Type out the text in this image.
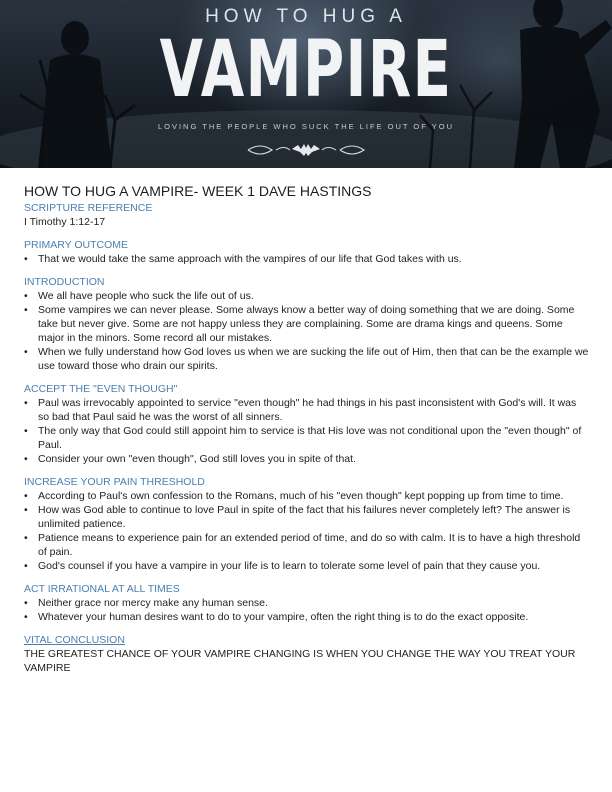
HOW TO HUG A
VAMPIRE
LOVING THE PEOPLE WHO SUCK THE LIFE OUT OF YOU
HOW TO HUG A VAMPIRE- WEEK 1 DAVE HASTINGS
SCRIPTURE REFERENCE
I Timothy 1:12-17
PRIMARY OUTCOME
• That we would take the same approach with the vampires of our life that God takes with us.
INTRODUCTION
• We all have people who suck the life out of us.
• Some vampires we can never please. Some always know a better way of doing something that we are doing. Some take but never give. Some are not happy unless they are complaining. Some are drama kings and queens. Some major in the minors. Some record all our mistakes.
• When we fully understand how God loves us when we are sucking the life out of Him, then that can be the example we use toward those who drain our spirits.
ACCEPT THE "EVEN THOUGH"
• Paul was irrevocably appointed to service "even though" he had things in his past inconsistent with God's will. It was so bad that Paul said he was the worst of all sinners.
• The only way that God could still appoint him to service is that His love was not conditional upon the "even though" of Paul.
• Consider your own "even though", God still loves you in spite of that.
INCREASE YOUR PAIN THRESHOLD
• According to Paul's own confession to the Romans, much of his "even though" kept popping up from time to time.
• How was God able to continue to love Paul in spite of the fact that his failures never completely left? The answer is unlimited patience.
• Patience means to experience pain for an extended period of time, and do so with calm. It is to have a high threshold of pain.
• God's counsel if you have a vampire in your life is to learn to tolerate some level of pain that they cause you.
ACT IRRATIONAL AT ALL TIMES
• Neither grace nor mercy make any human sense.
• Whatever your human desires want to do to your vampire, often the right thing is to do the exact opposite.
VITAL CONCLUSION
THE GREATEST CHANCE OF YOUR VAMPIRE CHANGING IS WHEN YOU CHANGE THE WAY YOU TREAT YOUR VAMPIRE
